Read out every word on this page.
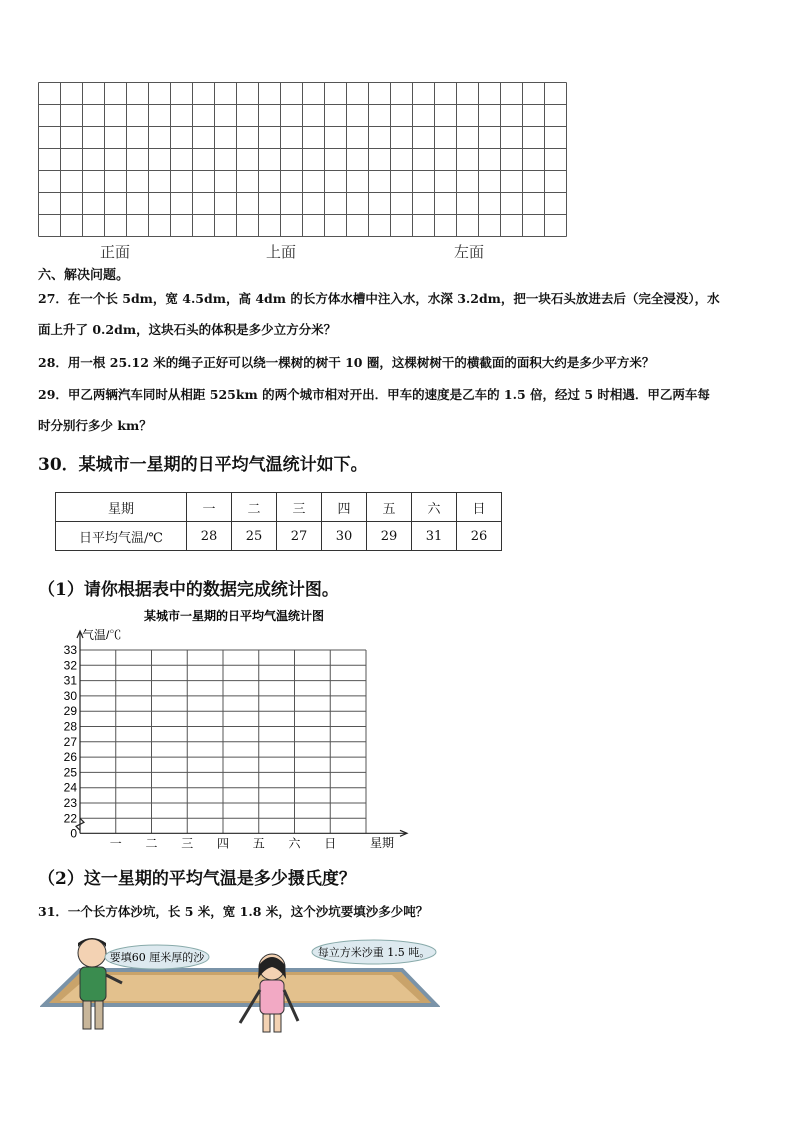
正面	上面	左面
六、解决问题。
27．在一个长 5dm，宽 4.5dm，高 4dm 的长方体水槽中注入水，水深 3.2dm，把一块石头放进去后（完全浸没），水
面上升了 0.2dm，这块石头的体积是多少立方分米？
28．用一根 25.12 米的绳子正好可以绕一棵树的树干 10 圈，这棵树树干的横截面的面积大约是多少平方米？
29．甲乙两辆汽车同时从相距 525km 的两个城市相对开出．甲车的速度是乙车的 1.5 倍，经过 5 时相遇．甲乙两车每
时分别行多少 km？
30．某城市一星期的日平均气温统计如下。
星期	一	二	三	四	五	六	日
日平均气温/℃	28	25	27	30	29	31	26
（1）请你根据表中的数据完成统计图。
某城市一星期的日平均气温统计图
气温/℃
星期
0
22
23
24
25
26
27
28
29
30
31
32
33
一 二 三 四 五 六 日
（2）这一星期的平均气温是多少摄氏度？
31．一个长方体沙坑，长 5 米，宽 1.8 米，这个沙坑要填沙多少吨？
要填60 厘米厚的沙	每立方米沙重 1.5 吨。
